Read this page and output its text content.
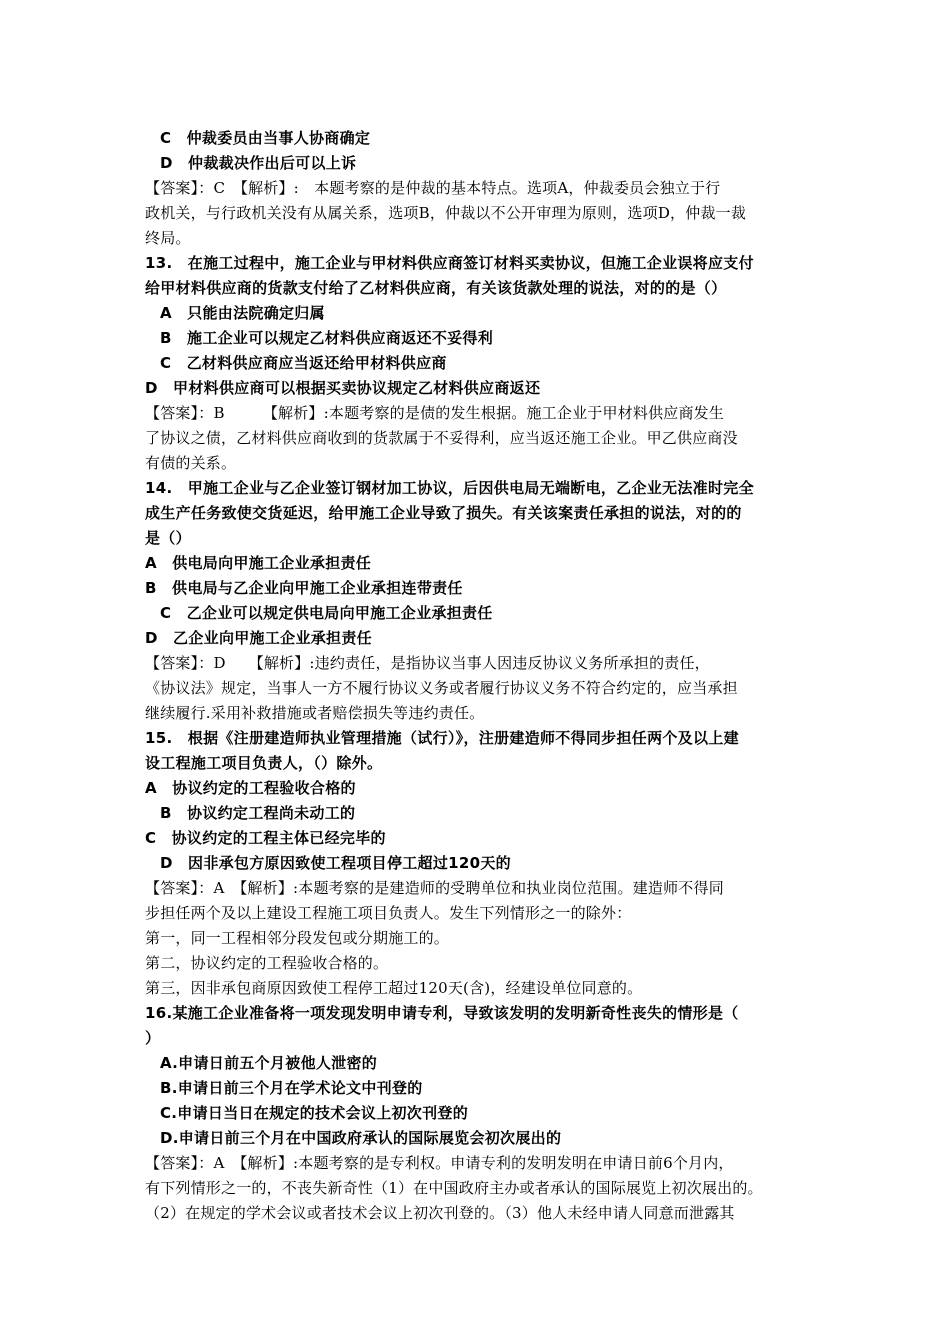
C　仲裁委员由当事人协商确定
D　仲裁裁决作出后可以上诉
【答案】：C　【解析】:　本题考察的是仲裁的基本特点。选项A，仲裁委员会独立于行
政机关，与行政机关没有从属关系，选项B，仲裁以不公开审理为原则，选项D，仲裁一裁
终局。
13.　在施工过程中，施工企业与甲材料供应商签订材料买卖协议，但施工企业误将应支付
给甲材料供应商的货款支付给了乙材料供应商，有关该货款处理的说法，对的的是（）
A　只能由法院确定归属
B　施工企业可以规定乙材料供应商返还不妥得利
C　乙材料供应商应当返还给甲材料供应商
D　甲材料供应商可以根据买卖协议规定乙材料供应商返还
【答案】：B　　　【解析】:本题考察的是债的发生根据。施工企业于甲材料供应商发生
了协议之债，乙材料供应商收到的货款属于不妥得利，应当返还施工企业。甲乙供应商没
有债的关系。
14.　甲施工企业与乙企业签订钢材加工协议，后因供电局无端断电，乙企业无法准时完全
成生产任务致使交货延迟，给甲施工企业导致了损失。有关该案责任承担的说法，对的的
是（）
A　供电局向甲施工企业承担责任
B　供电局与乙企业向甲施工企业承担连带责任
C　乙企业可以规定供电局向甲施工企业承担责任
D　乙企业向甲施工企业承担责任
【答案】：D　　【解析】:违约责任，是指协议当事人因违反协议义务所承担的责任，
《协议法》规定，当事人一方不履行协议义务或者履行协议义务不符合约定的，应当承担
继续履行.采用补救措施或者赔偿损失等违约责任。
15.　根据《注册建造师执业管理措施（试行）》，注册建造师不得同步担任两个及以上建
设工程施工项目负责人，（）除外。
A　协议约定的工程验收合格的
B　协议约定工程尚未动工的
C　协议约定的工程主体已经完毕的
D　因非承包方原因致使工程项目停工超过120天的
【答案】：A　【解析】:本题考察的是建造师的受聘单位和执业岗位范围。建造师不得同
步担任两个及以上建设工程施工项目负责人。发生下列情形之一的除外：
第一，同一工程相邻分段发包或分期施工的。
第二，协议约定的工程验收合格的。
第三，因非承包商原因致使工程停工超过120天(含)，经建设单位同意的。
16.某施工企业准备将一项发现发明申请专利，导致该发明的发明新奇性丧失的情形是（
）
A.申请日前五个月被他人泄密的
B.申请日前三个月在学术论文中刊登的
C.申请日当日在规定的技术会议上初次刊登的
D.申请日前三个月在中国政府承认的国际展览会初次展出的
【答案】：A　【解析】:本题考察的是专利权。申请专利的发明发明在申请日前6个月内，
有下列情形之一的，不丧失新奇性（1）在中国政府主办或者承认的国际展览上初次展出的。
（2）在规定的学术会议或者技术会议上初次刊登的。（3）他人未经申请人同意而泄露其
